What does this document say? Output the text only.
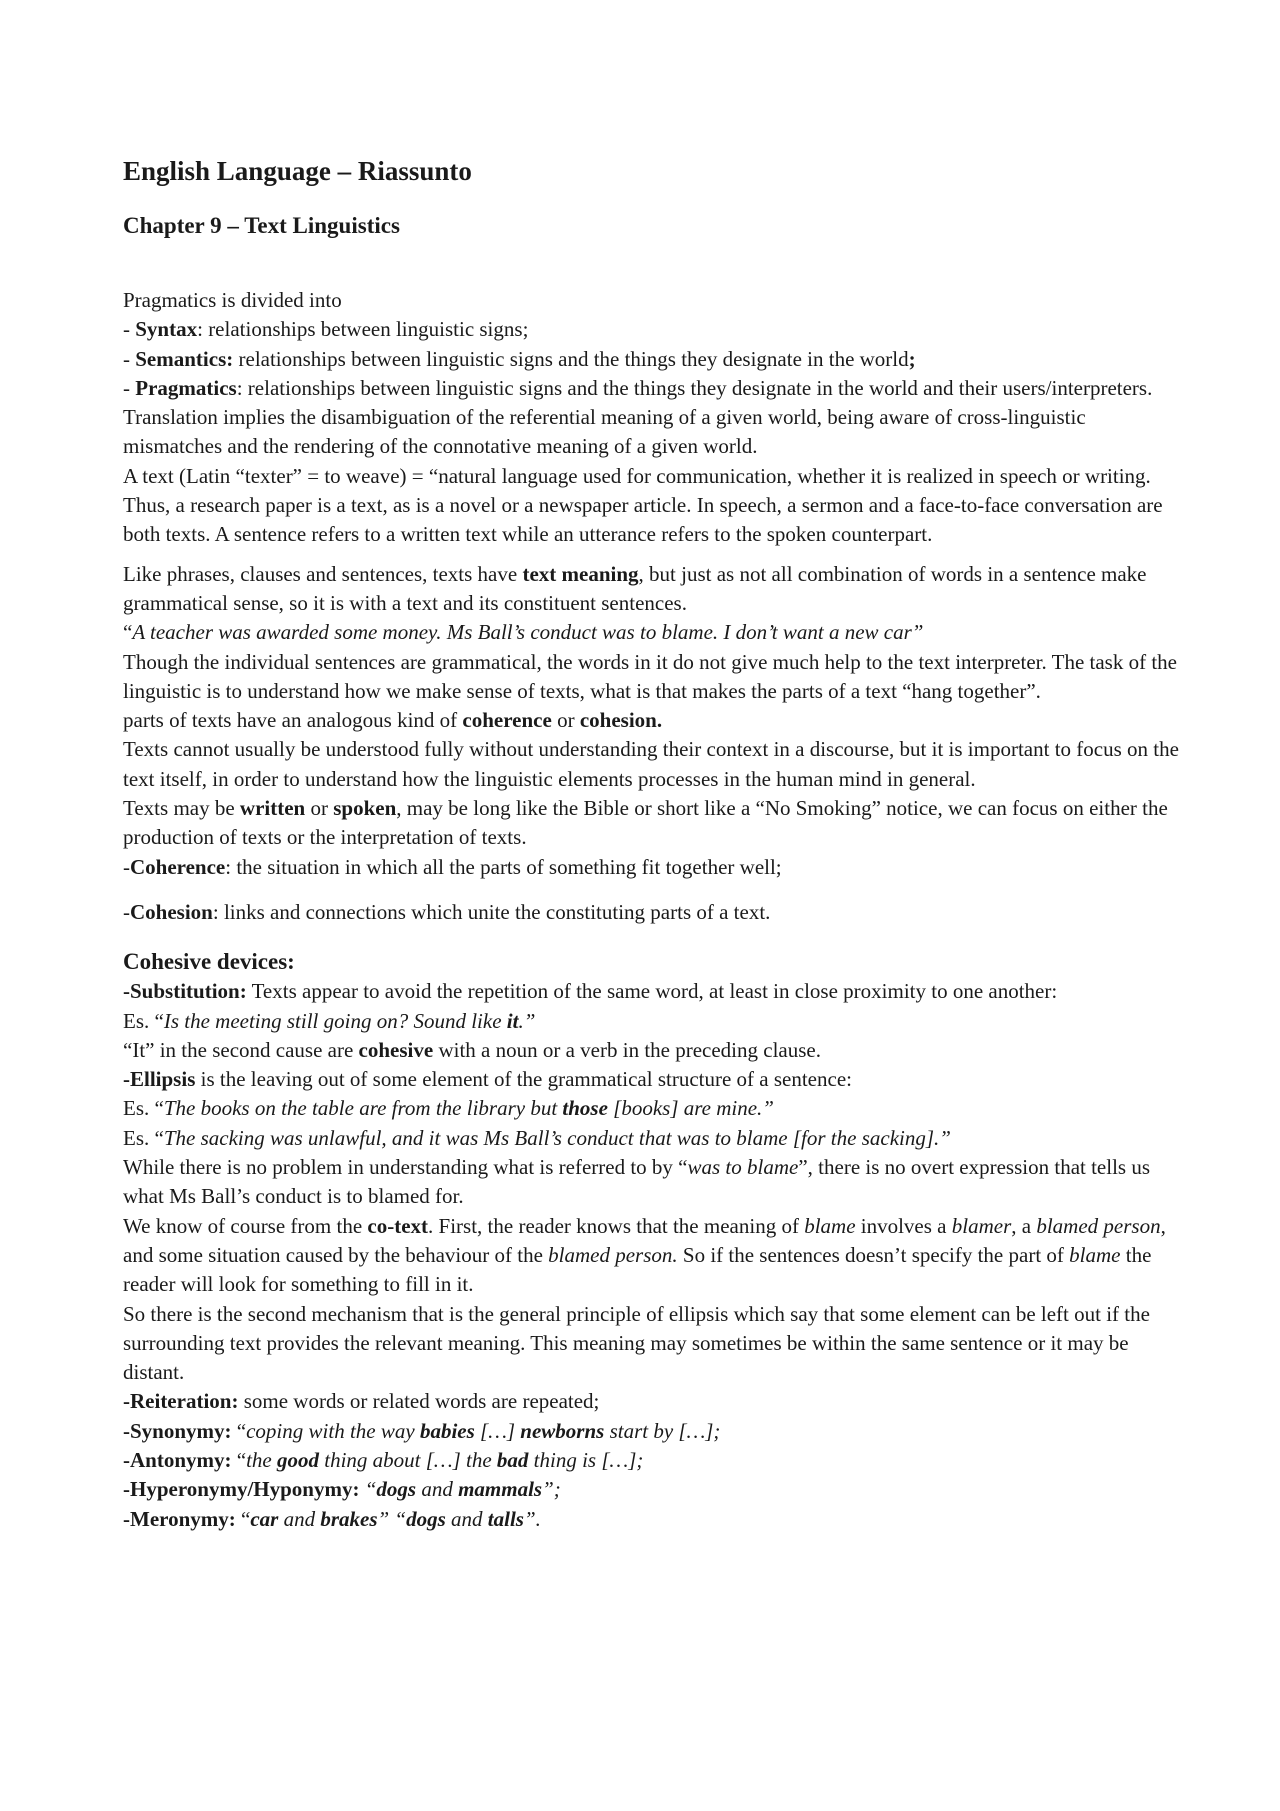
English Language – Riassunto
Chapter 9 – Text Linguistics

Pragmatics is divided into

- Syntax: relationships between linguistic signs;

- Semantics: relationships between linguistic signs and the things they designate in the world;

- Pragmatics: relationships between linguistic signs and the things they designate in the world and their users/interpreters.

Translation implies the disambiguation of the referential meaning of a given world, being aware of cross-linguistic mismatches and the rendering of the connotative meaning of a given world.

A text (Latin “texter” = to weave) = “natural language used for communication, whether it is realized in speech or writing. Thus, a research paper is a text, as is a novel or a newspaper article. In speech, a sermon and a face-to-face conversation are both texts. A sentence refers to a written text while an utterance refers to the spoken counterpart.

Like phrases, clauses and sentences, texts have text meaning, but just as not all combination of words in a sentence make grammatical sense, so it is with a text and its constituent sentences.

“A teacher was awarded some money. Ms Ball’s conduct was to blame. I don’t want a new car”

Though the individual sentences are grammatical, the words in it do not give much help to the text interpreter. The task of the linguistic is to understand how we make sense of texts, what is that makes the parts of a text “hang together”.

parts of texts have an analogous kind of coherence or cohesion.

Texts cannot usually be understood fully without understanding their context in a discourse, but it is important to focus on the text itself, in order to understand how the linguistic elements processes in the human mind in general.

Texts may be written or spoken, may be long like the Bible or short like a “No Smoking” notice, we can focus on either the production of texts or the interpretation of texts.

-Coherence: the situation in which all the parts of something fit together well;

-Cohesion: links and connections which unite the constituting parts of a text.

Cohesive devices:

-Substitution: Texts appear to avoid the repetition of the same word, at least in close proximity to one another:

Es. “Is the meeting still going on? Sound like it.”

“It” in the second cause are cohesive with a noun or a verb in the preceding clause.

-Ellipsis is the leaving out of some element of the grammatical structure of a sentence:

Es. “The books on the table are from the library but those [books] are mine.”

Es. “The sacking was unlawful, and it was Ms Ball’s conduct that was to blame [for the sacking].”

While there is no problem in understanding what is referred to by “was to blame”, there is no overt expression that tells us what Ms Ball’s conduct is to blamed for.

We know of course from the co-text. First, the reader knows that the meaning of blame involves a blamer, a blamed person, and some situation caused by the behaviour of the blamed person. So if the sentences doesn’t specify the part of blame the reader will look for something to fill in it.

So there is the second mechanism that is the general principle of ellipsis which say that some element can be left out if the surrounding text provides the relevant meaning. This meaning may sometimes be within the same sentence or it may be distant.

-Reiteration: some words or related words are repeated;

-Synonymy: “coping with the way babies […] newborns start by […];

-Antonymy: “the good thing about […] the bad thing is […];

-Hyperonymy/Hyponymy: “dogs and mammals”;

-Meronymy: “car and brakes” “dogs and talls”.
